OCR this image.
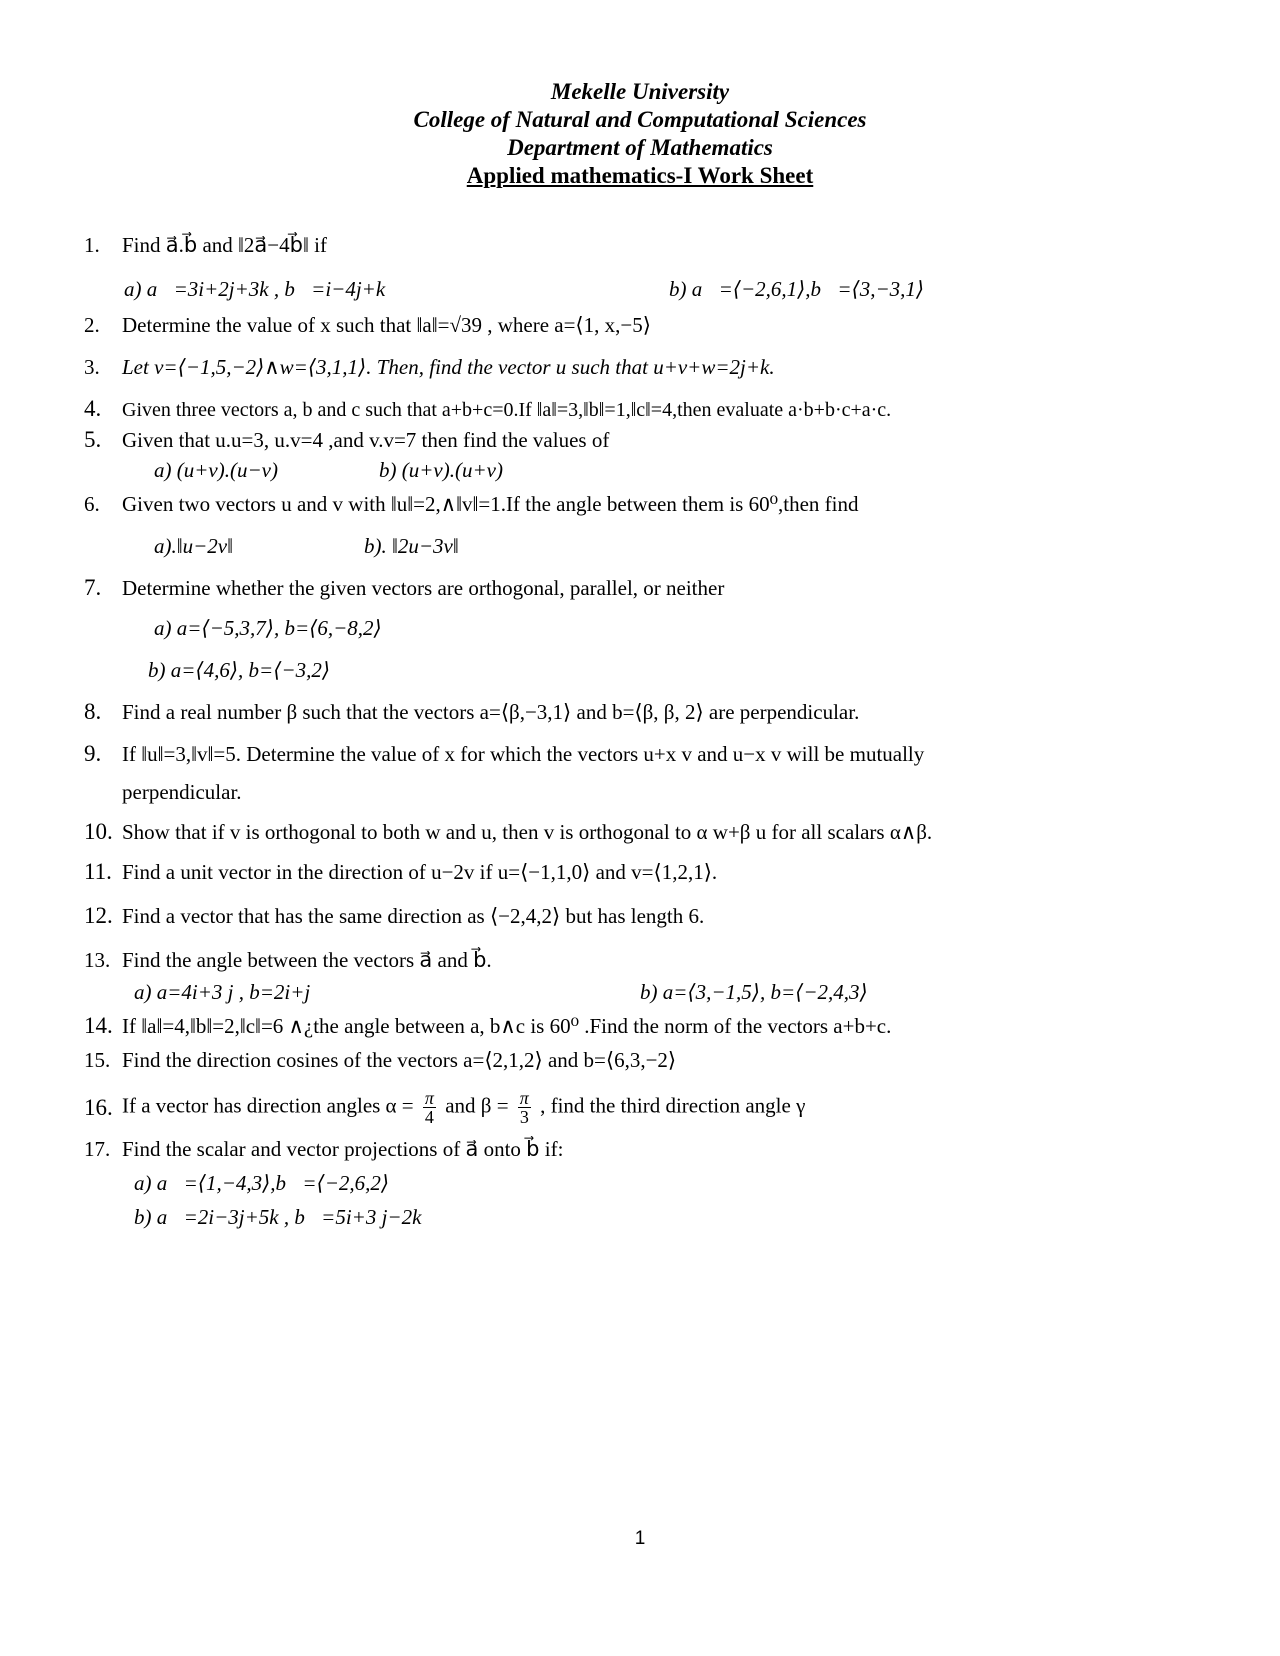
Mekelle University
College of Natural and Computational Sciences
Department of Mathematics
Applied mathematics-I Work Sheet
1.	Find a⃗.b⃗ and ‖2a⃗−4b⃗‖ if
a) a⃗=3i+2j+3k , b⃗=i−4j+k	b) a⃗=⟨−2,6,1⟩,b⃗=⟨3,−3,1⟩
2.	Determine the value of x such that ‖a‖=√39 , where a=⟨1, x,−5⟩
3.	Let v=⟨−1,5,−2⟩∧w=⟨3,1,1⟩. Then, find the vector u such that u+v+w=2j+k.
4.	Given three vectors a, b and c such that a+b+c=0.If ‖a‖=3,‖b‖=1,‖c‖=4,then evaluate a·b+b·c+a·c.
5. Given that u.u=3, u.v=4 ,and v.v=7 then find the values of
a) (u+v).(u−v)	b) (u+v).(u+v)
6.	Given two vectors u and v with ‖u‖=2,∧‖v‖=1.If the angle between them is 60⁰,then find
a).‖u−2v‖	b). ‖2u−3v‖
7. Determine whether the given vectors are orthogonal, parallel, or neither
a) a=⟨−5,3,7⟩, b=⟨6,−8,2⟩
b) a=⟨4,6⟩, b=⟨−3,2⟩
8. Find a real number β such that the vectors a=⟨β,−3,1⟩ and b=⟨β, β, 2⟩ are perpendicular.
9. If ‖u‖=3,‖v‖=5. Determine the value of x for which the vectors u+x v and u−x v will be mutually
perpendicular.
10. Show that if v is orthogonal to both w and u, then v is orthogonal to α w+β u for all scalars α∧β.
11. Find a unit vector in the direction of u−2v if u=⟨−1,1,0⟩ and v=⟨1,2,1⟩.
12. Find a vector that has the same direction as ⟨−2,4,2⟩ but has length 6.
13. Find the angle between the vectors a⃗ and b⃗.
a) a=4i+3 j , b=2i+j	b) a=⟨3,−1,5⟩, b=⟨−2,4,3⟩
14. If ‖a‖=4,‖b‖=2,‖c‖=6 ∧¿the angle between a, b∧c is 60⁰ .Find the norm of the vectors a+b+c.
15. Find the direction cosines of the vectors a=⟨2,1,2⟩ and b=⟨6,3,−2⟩
16. If a vector has direction angles $\alpha = \frac{\pi}{4}$ and $\beta = \frac{\pi}{3}$ , find the third direction angle γ
17. Find the scalar and vector projections of a⃗ onto b⃗ if:
a) a⃗=⟨1,−4,3⟩,b⃗=⟨−2,6,2⟩
b) a⃗=2i−3j+5k , b⃗=5i+3 j−2k
1
